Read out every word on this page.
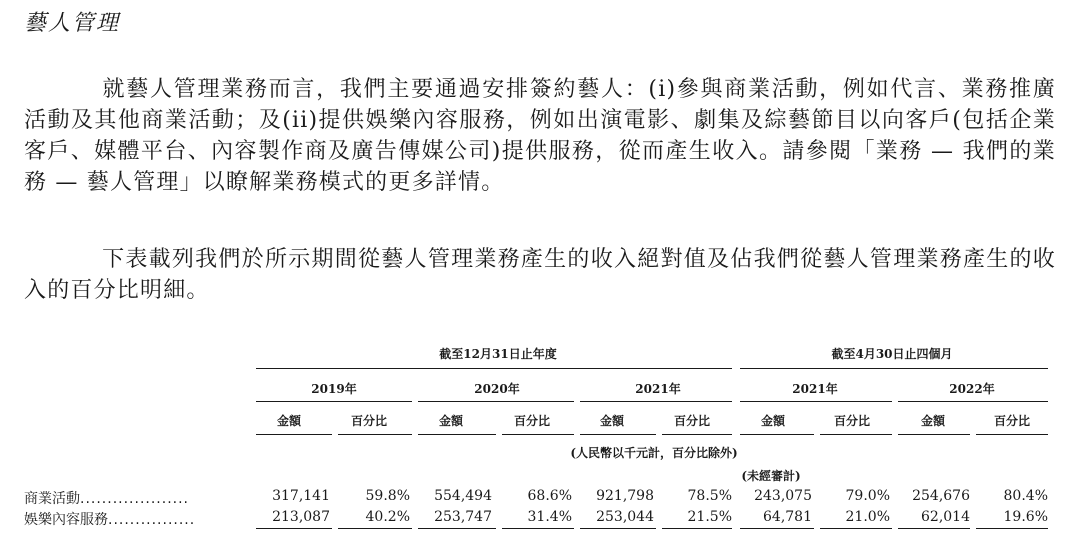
藝人管理

就藝人管理業務而言，我們主要通過安排簽約藝人：(i)參與商業活動，例如代言、業務推廣活動及其他商業活動；及(ii)提供娛樂內容服務，例如出演電影、劇集及綜藝節目以向客戶(包括企業客戶、媒體平台、內容製作商及廣告傳媒公司)提供服務，從而產生收入。請參閱「業務 — 我們的業務 — 藝人管理」以瞭解業務模式的更多詳情。

下表載列我們於所示期間從藝人管理業務產生的收入絕對值及佔我們從藝人管理業務產生的收入的百分比明細。

截至12月31日止年度	截至4月30日止四個月
2019年	2020年	2021年	2021年	2022年
金額	百分比	金額	百分比	金額	百分比	金額	百分比	金額	百分比
(人民幣以千元計，百分比除外)
(未經審計)
商業活動....................	317,141	59.8% 554,494	68.6% 921,798 78.5% 243,075 79.0% 254,676 80.4%
娛樂內容服務................	213,087	40.2% 253,747	31.4% 253,044 21.5% 64,781 21.0% 62,014 19.6%
